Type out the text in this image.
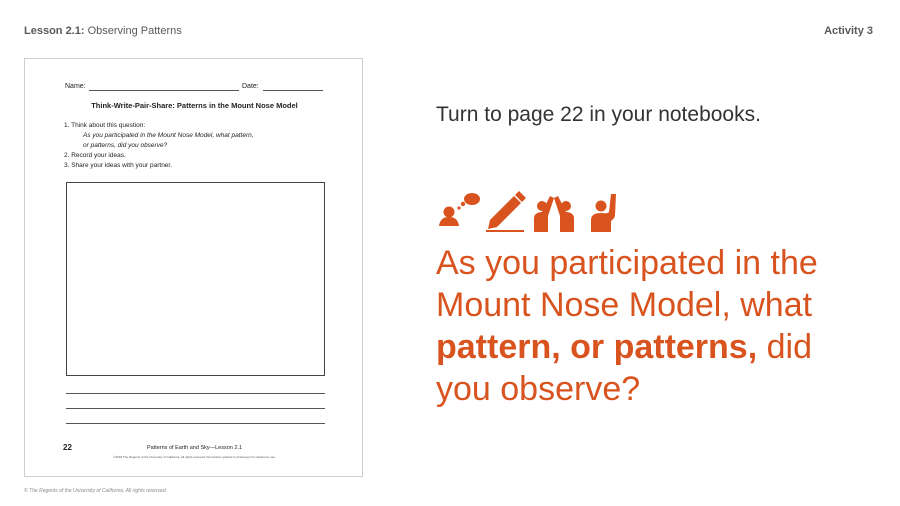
Lesson 2.1: Observing Patterns	Activity 3
Name:	Date:
Think-Write-Pair-Share: Patterns in the Mount Nose Model
1. Think about this question:
As you participated in the Mount Nose Model, what pattern,
or patterns, did you observe?
2. Record your ideas.
3. Share your ideas with your partner.
22	Patterns of Earth and Sky—Lesson 2.1
©2018 The Regents of the University of California. All rights reserved. Permission granted to photocopy for classroom use.
Turn to page 22 in your notebooks.
As you participated in the Mount Nose Model, what pattern, or patterns, did you observe?
© The Regents of the University of California. All rights reserved.
